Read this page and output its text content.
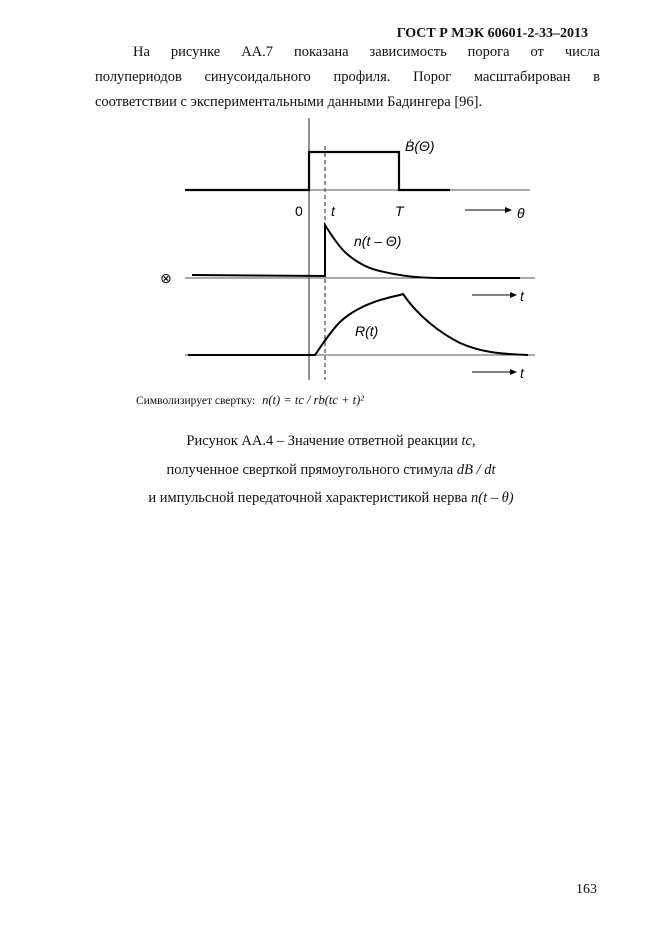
ГОСТ Р МЭК 60601-2-33–2013
На рисунке АА.7 показана зависимость порога от числа
полупериодов синусоидального профиля. Порог масштабирован в
соответствии с экспериментальными данными Бадингера [96].
Ḃ(Θ)
0 t	T	θ
⊗
n(t – Θ)
t
R(t)
t
Символизирует свертку: n(t) = tc / rb(tc + t)²
Рисунок АА.4 – Значение ответной реакции tc,
полученное сверткой прямоугольного стимула dB / dt
и импульсной передаточной характеристикой нерва n(t – θ)
163
